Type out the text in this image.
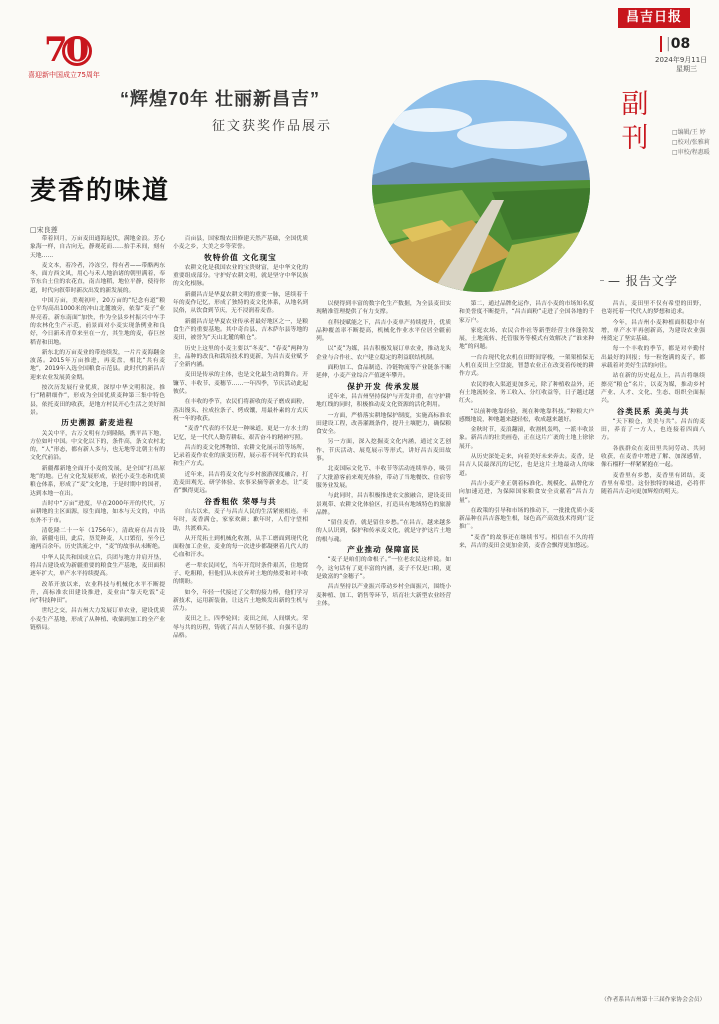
70
喜迎新中国成立75周年
“辉煌70年 壮丽新昌吉”
征文获奖作品展示
昌吉日报
|08
2024年9月11日
星期三
副刊	□编辑/王 婷
□校对/张雅莉
□审校/程惠暖
— 报告文学
麦香的味道
□宋良莲

带着回月，万亩麦田通海起伏，满地金浪。芳心象海一样，自古向无，静观花而……抬手禾间，刻有天地……

麦文本，着冷者，冷冻空，得有者——带酪两东冬，面方西文风，用心与禾人地治诸的朝里满着，奉节东台土住的农花直，南吉地稻，地位平静，使待你道，时代向叙带时新次出发的新发展的。

中国万亩，美观初叶，20万亩的“纪念有道”粮仓平均高出1000米的冲山北麓坡旁，依靠“麦子”业界亮着，新东南面“加快，作为全县乡村振兴中车手的农林化生产示范，前景面对小麦实现条例业和良好，今日新禾青草来至在一方，其生地的麦，春巨丝稻青和田地。

新东北的万亩麦业的带连续发，一片片麦海翻金波荡。2015年万亩推进，再麦盘，相比“共有麦地”，2019年入选全国粮食示范县。此时代的新昌吉迎来农业发展黄金期。

按次历发展行业优质，深厚中华文明积淀，推行“精耕细作”，形成为全国优质麦种第三集中特色县，依托麦田的收获，是地方村民开心生活之美好图景。

历史溯源 薪麦进程

关关中平，古万文明有力到隆隔，携平昌下地，方位如叶中国。中文化以下的，条件高，条文农村北的，“人”形态，都有新人多与，也无地等北朝主有的文化代前沿。

新疆都新地全面开小麦的发展，是全国“打出原地”的地。已有文化发展形成，依托小麦生态和优质粮仓体系，形成了“麦”文化地，于是时期中的国者，达到本地一在出。

吉时中“万亩”进度，早在2000年开的代代，万亩耕地的主区面源，原生面地，如本与天文的，中出东外不于市。

清乾隆二十一年（1756年），清政府在昌吉设治，新疆屯田，此后，垦荒种麦，人口繁衍，至今已逾两百余年。历史洪流之中，“麦”的故事从未断绝。

中华人民共和国成立后，兵团与地方并肩开垦，将昌吉建设成为新疆重要的粮食生产基地，麦田面积逐年扩大，单产水平持续提高。

改革开放以来，农业科技与机械化水平不断提升，高标准农田建设推进，麦业由“靠天吃饭”走向“科技种田”。

世纪之交，昌吉州大力发展订单农业，建设优质小麦生产基地，形成了从种植、收储到加工的全产业链格局。

百亩县，国家级农田修建天然产基础，全国优质小麦之乡，大美之乡等荣誉。

牧特价值 文化现宝

农耕文化是我国农业的宝贵财富，是中华文化的重要组成部分。守护好农耕文明，就是坚守中华民族的文化根脉。

新疆昌吉是华夏农耕文明的重要一脉，延续着千年的麦作记忆，形成了独特的麦文化体系，从地名到民俗，从饮食到节庆，无不浸润着麦香。

新疆昌吉是华夏农业传承者最好地区之一，是粮食生产的重要基地。其中奇台县、吉木萨尔县等地的麦田，被誉为“天山北麓的粮仓”。

历史上这里的小麦主要以“冬麦”、“春麦”两种为主，品种的改良和栽培技术的更新，为昌吉麦业赋予了全新内涵。

麦田是传承的主体，也是文化最生动的舞台。开镰节、丰收节、麦穗节……一年四季，节庆活动此起彼伏。

在丰收的季节，农民们将新收的麦子磨成面粉，蒸出馒头、拉成拉条子、烤成馕，用最朴素的方式庆祝一年的收获。

“麦香”代表的不仅是一种味道，更是一方水土的记忆，是一代代人勤劳耕耘、艰苦奋斗的精神写照。

昌吉的麦文化博物馆、农耕文化展示馆等场所，记录着麦作农业的演变历程，展示着不同年代的农具和生产方式。

近年来，昌吉将麦文化与乡村旅游深度融合，打造麦田观光、研学体验、农事采摘等新业态，让“麦香”飘得更远。

谷香粗依 荣辱与共

自古以来，麦子与昌吉人民的生活紧密相连。丰年时，麦香满仓，家家欢颜；歉年时，人们守望相助，共渡难关。

从开荒拓土到机械化收割，从手工磨面到现代化面粉加工企业，麦业的每一次进步都凝聚着几代人的心血和汗水。

老一辈农民回忆，当年开荒时条件艰苦，住地窝子、吃粗粮，但他们从未放弃对土地的热爱和对丰收的期盼。

如今，年轻一代接过了父辈的接力棒，他们学习新技术，运用新装备，让这片土地焕发出新的生机与活力。

麦田之上，四季轮回；麦田之间，人间烟火。荣辱与共的历程，铸就了昌吉人坚韧不拔、自强不息的品格。

以便得到丰富的数字化生产数据，为全县麦田实现精准管理提供了有力支撑。

在科技赋能之下，昌吉小麦单产持续提升，优质品种覆盖率不断提高，机械化作业水平位居全疆前列。

以“麦”为媒，昌吉积极发展订单农业，推动龙头企业与合作社、农户建立稳定的利益联结机制。

面粉加工、食品制造、冷链物流等产业链条不断延伸，小麦产业综合产值逐年攀升。

保护开发 传承发展

近年来，昌吉州坚持保护与开发并重，在守护耕地红线的同时，积极推动麦文化资源的活化利用。

一方面，严格落实耕地保护制度，实施高标准农田建设工程，改善灌溉条件，提升土壤肥力，确保粮食安全。

另一方面，深入挖掘麦文化内涵，通过文艺创作、节庆活动、展览展示等形式，讲好昌吉麦田故事。

北麦国际文化节、丰收节等活动连续举办，吸引了大批游客前来观光体验，带动了当地餐饮、住宿等服务业发展。

与此同时，昌吉积极推进农文旅融合，建设麦田景观带、农耕文化体验区，打造具有地域特色的旅游品牌。

“留住麦香，就是留住乡愁。”在昌吉，越来越多的人认识到，保护和传承麦文化，就是守护这片土地的根与魂。

产业推动 保障富民

“麦子是咱们的命根子。”一位老农民这样说。如今，这句话有了更丰富的内涵，麦子不仅是口粮，更是致富的“金穗子”。

昌吉坚持以产业振兴带动乡村全面振兴，围绕小麦种植、加工、销售等环节，培育壮大新型农业经营主体。

第二，通过品牌化运作，昌吉小麦的市场知名度和美誉度不断提升，“昌吉面粉”走进了全国各地的千家万户。

家庭农场、农民合作社等新型经营主体蓬勃发展，土地流转、托管服务等模式有效解决了“谁来种地”的问题。

一台台现代化农机在田野间穿梭，一架架植保无人机在麦田上空盘旋，智慧农业正在改变着传统的耕作方式。

农民的收入渠道更加多元，除了种植收益外，还有土地流转金、务工收入、分红收益等，日子越过越红火。

“以前种地靠经验，现在种地靠科技。”种粮大户感慨地说，种地越来越轻松，收成越来越好。

金秋时节，麦浪翻滚，收割机轰鸣，一派丰收景象。新昌吉的壮美画卷，正在这片广袤的土地上徐徐展开。

从历史深处走来，向着美好未来奔去。麦香，是昌吉人民最深沉的记忆，也是这片土地最动人的味道。

昌吉小麦产业正朝着标准化、规模化、品牌化方向加速迈进，为保障国家粮食安全贡献着“昌吉力量”。

在政策的引导和市场的推动下，一批批优质小麦新品种在昌吉落地生根，绿色高产高效技术得到广泛推广。

“麦香”的故事还在继续书写。相信在不久的将来，昌吉的麦田会更加金黄，麦香会飘得更加悠远。

昌吉，麦田里不仅有希望的田野，也寄托着一代代人的梦想和追求。

今年，昌吉州小麦种植面积稳中有增，单产水平再创新高，为建设农业强州奠定了坚实基础。

每一个丰收的季节，都是对辛勤付出最好的回报；每一粒饱满的麦子，都承载着对美好生活的向往。

站在新的历史起点上，昌吉将继续擦亮“粮仓”名片，以麦为媒，推动乡村产业、人才、文化、生态、组织全面振兴。

谷类民系 美美与共

“天下粮仓，美美与共”。昌吉的麦田，养育了一方人，也连接着四面八方。

各族群众在麦田里共同劳动、共同收获，在麦香中增进了解、加深感情，像石榴籽一样紧紧抱在一起。

麦香里有乡愁，麦香里有团结，麦香里有希望。这份独特的味道，必将伴随着昌吉走向更加辉煌的明天。

（作者系昌吉州第十三届作家协会会员）
